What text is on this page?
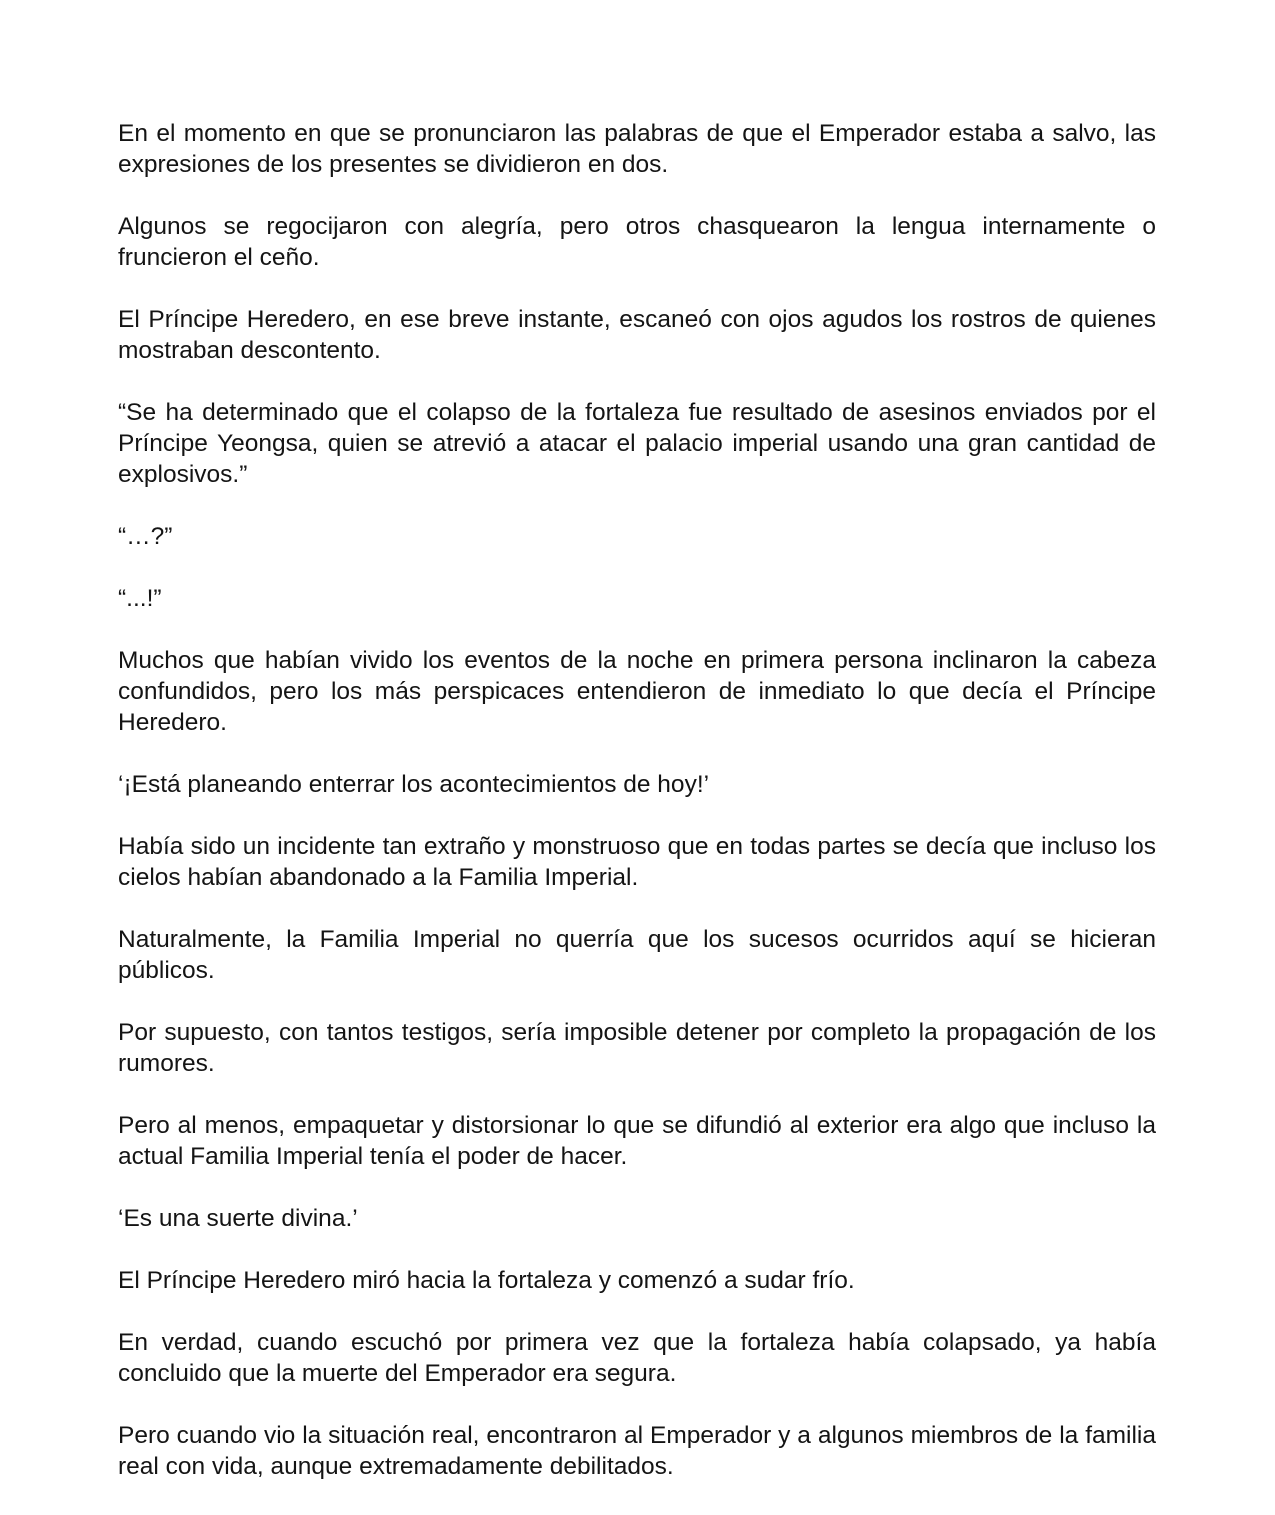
En el momento en que se pronunciaron las palabras de que el Emperador estaba a salvo, las expresiones de los presentes se dividieron en dos.

Algunos se regocijaron con alegría, pero otros chasquearon la lengua internamente o fruncieron el ceño.

El Príncipe Heredero, en ese breve instante, escaneó con ojos agudos los rostros de quienes mostraban descontento.

“Se ha determinado que el colapso de la fortaleza fue resultado de asesinos enviados por el Príncipe Yeongsa, quien se atrevió a atacar el palacio imperial usando una gran cantidad de explosivos.”

“…?”

“...!”

Muchos que habían vivido los eventos de la noche en primera persona inclinaron la cabeza confundidos, pero los más perspicaces entendieron de inmediato lo que decía el Príncipe Heredero.

‘¡Está planeando enterrar los acontecimientos de hoy!’

Había sido un incidente tan extraño y monstruoso que en todas partes se decía que incluso los cielos habían abandonado a la Familia Imperial.

Naturalmente, la Familia Imperial no querría que los sucesos ocurridos aquí se hicieran públicos.

Por supuesto, con tantos testigos, sería imposible detener por completo la propagación de los rumores.

Pero al menos, empaquetar y distorsionar lo que se difundió al exterior era algo que incluso la actual Familia Imperial tenía el poder de hacer.

‘Es una suerte divina.’

El Príncipe Heredero miró hacia la fortaleza y comenzó a sudar frío.

En verdad, cuando escuchó por primera vez que la fortaleza había colapsado, ya había concluido que la muerte del Emperador era segura.

Pero cuando vio la situación real, encontraron al Emperador y a algunos miembros de la familia real con vida, aunque extremadamente debilitados.
